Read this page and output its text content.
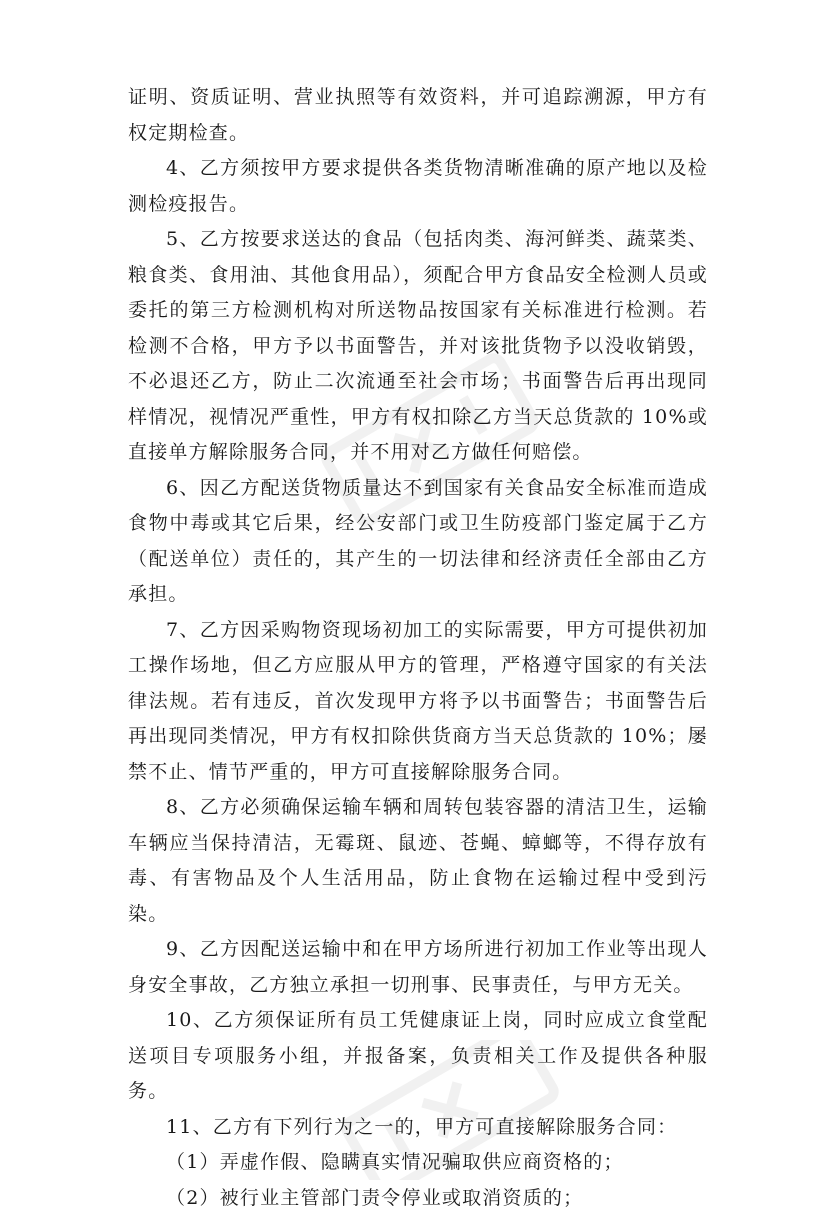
证明、资质证明、营业执照等有效资料，并可追踪溯源，甲方有权定期检查。

4、乙方须按甲方要求提供各类货物清晰准确的原产地以及检测检疫报告。

5、乙方按要求送达的食品（包括肉类、海河鲜类、蔬菜类、粮食类、食用油、其他食用品），须配合甲方食品安全检测人员或委托的第三方检测机构对所送物品按国家有关标准进行检测。若检测不合格，甲方予以书面警告，并对该批货物予以没收销毁，不必退还乙方，防止二次流通至社会市场；书面警告后再出现同样情况，视情况严重性，甲方有权扣除乙方当天总货款的 10%或直接单方解除服务合同，并不用对乙方做任何赔偿。

6、因乙方配送货物质量达不到国家有关食品安全标准而造成食物中毒或其它后果，经公安部门或卫生防疫部门鉴定属于乙方（配送单位）责任的，其产生的一切法律和经济责任全部由乙方承担。

7、乙方因采购物资现场初加工的实际需要，甲方可提供初加工操作场地，但乙方应服从甲方的管理，严格遵守国家的有关法律法规。若有违反，首次发现甲方将予以书面警告；书面警告后再出现同类情况，甲方有权扣除供货商方当天总货款的 10%；屡禁不止、情节严重的，甲方可直接解除服务合同。

8、乙方必须确保运输车辆和周转包装容器的清洁卫生，运输车辆应当保持清洁，无霉斑、鼠迹、苍蝇、蟑螂等，不得存放有毒、有害物品及个人生活用品，防止食物在运输过程中受到污染。

9、乙方因配送运输中和在甲方场所进行初加工作业等出现人身安全事故，乙方独立承担一切刑事、民事责任，与甲方无关。

10、乙方须保证所有员工凭健康证上岗，同时应成立食堂配送项目专项服务小组，并报备案，负责相关工作及提供各种服务。

11、乙方有下列行为之一的，甲方可直接解除服务合同：

（1）弄虚作假、隐瞒真实情况骗取供应商资格的；

（2）被行业主管部门责令停业或取消资质的；
